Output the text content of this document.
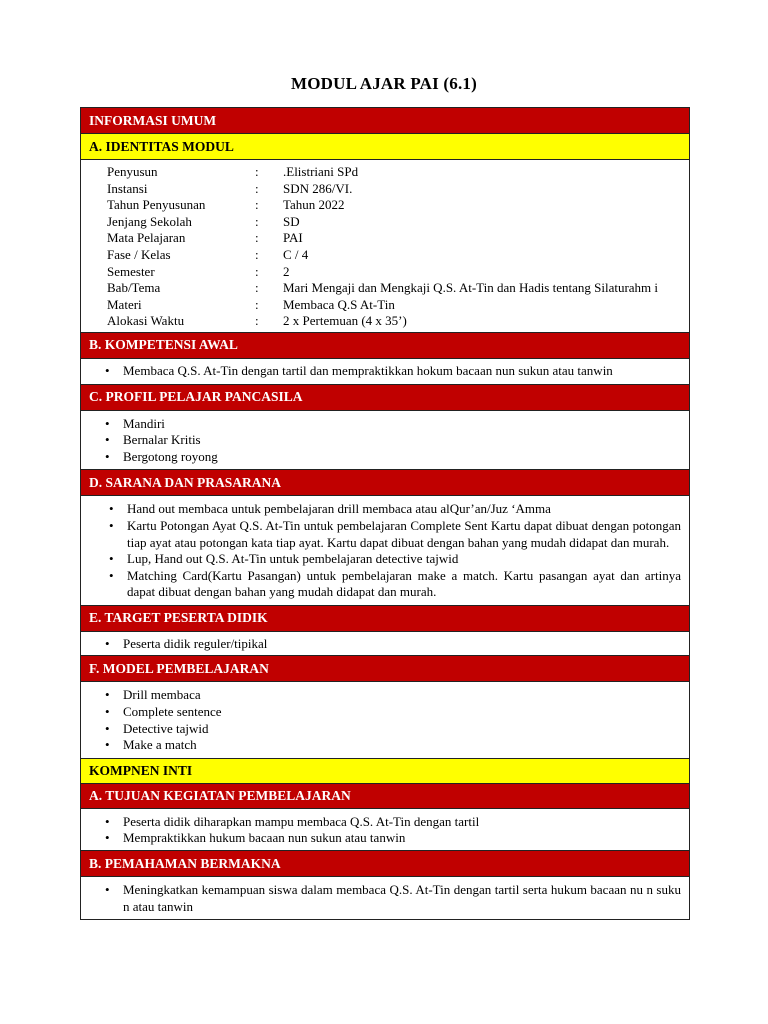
MODUL AJAR PAI (6.1)
INFORMASI UMUM
A. IDENTITAS MODUL
Penyusun	:	.Elistriani SPd
Instansi	:	SDN 286/VI.
Tahun Penyusunan	:	Tahun 2022
Jenjang Sekolah	:	SD
Mata Pelajaran	:	PAI
Fase / Kelas	:	C / 4
Semester	:	2
Bab/Tema	:	Mari Mengaji dan Mengkaji Q.S. At-Tin dan Hadis tentang Silaturahm i
Materi	:	Membaca Q.S At-Tin
Alokasi Waktu	:	2 x Pertemuan (4 x 35’)
B. KOMPETENSI AWAL
• Membaca Q.S. At-Tin dengan tartil dan mempraktikkan hokum bacaan nun sukun atau tanwin
C. PROFIL PELAJAR PANCASILA
• Mandiri
• Bernalar Kritis
• Bergotong royong
D. SARANA DAN PRASARANA
• Hand out membaca untuk pembelajaran drill membaca atau alQur’an/Juz ‘Amma
• Kartu Potongan Ayat Q.S. At-Tin untuk pembelajaran Complete Sent Kartu dapat dibuat dengan potongan tiap ayat atau potongan kata tiap ayat. Kartu dapat dibuat dengan bahan yang mudah didapat dan murah.
• Lup, Hand out Q.S. At-Tin untuk pembelajaran detective tajwid
• Matching Card(Kartu Pasangan) untuk pembelajaran make a match. Kartu pasangan ayat dan artinya dapat dibuat dengan bahan yang mudah didapat dan murah.
E. TARGET PESERTA DIDIK
• Peserta didik reguler/tipikal
F. MODEL PEMBELAJARAN
• Drill membaca
• Complete sentence
• Detective tajwid
• Make a match
KOMPNEN INTI
A. TUJUAN KEGIATAN PEMBELAJARAN
• Peserta didik diharapkan mampu membaca Q.S. At-Tin dengan tartil
• Mempraktikkan hukum bacaan nun sukun atau tanwin
B. PEMAHAMAN BERMAKNA
• Meningkatkan kemampuan siswa dalam membaca Q.S. At-Tin dengan tartil serta hukum bacaan nu n sukun atau tanwin
